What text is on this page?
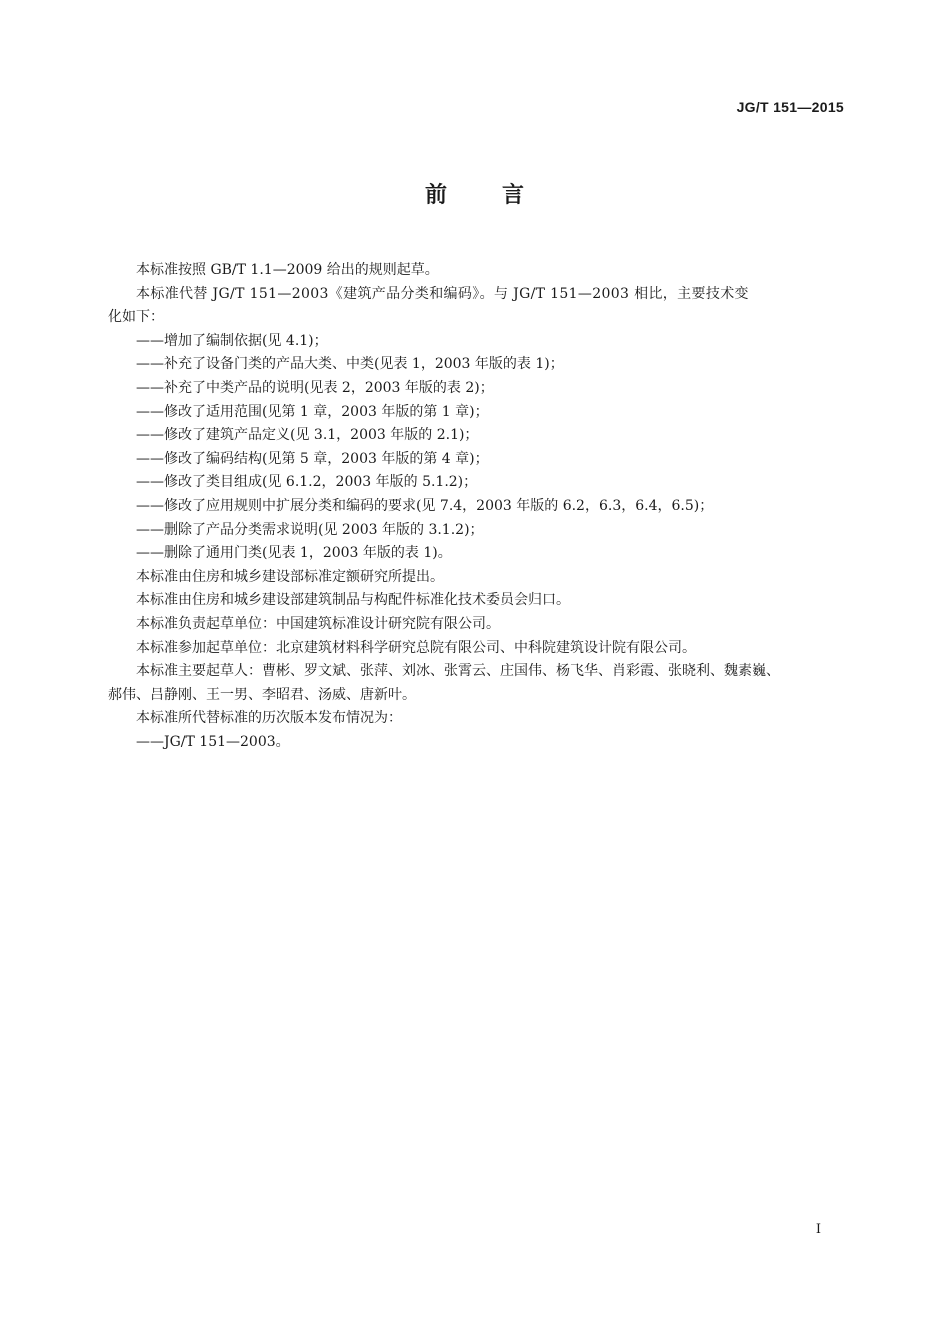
JG/T 151—2015
前 言
本标准按照 GB/T 1.1—2009 给出的规则起草。
本标准代替 JG/T 151—2003《建筑产品分类和编码》。与 JG/T 151—2003 相比，主要技术变
化如下：
——增加了编制依据(见 4.1)；
——补充了设备门类的产品大类、中类(见表 1，2003 年版的表 1)；
——补充了中类产品的说明(见表 2，2003 年版的表 2)；
——修改了适用范围(见第 1 章，2003 年版的第 1 章)；
——修改了建筑产品定义(见 3.1，2003 年版的 2.1)；
——修改了编码结构(见第 5 章，2003 年版的第 4 章)；
——修改了类目组成(见 6.1.2，2003 年版的 5.1.2)；
——修改了应用规则中扩展分类和编码的要求(见 7.4，2003 年版的 6.2，6.3，6.4，6.5)；
——删除了产品分类需求说明(见 2003 年版的 3.1.2)；
——删除了通用门类(见表 1，2003 年版的表 1)。
本标准由住房和城乡建设部标准定额研究所提出。
本标准由住房和城乡建设部建筑制品与构配件标准化技术委员会归口。
本标准负责起草单位：中国建筑标准设计研究院有限公司。
本标准参加起草单位：北京建筑材料科学研究总院有限公司、中科院建筑设计院有限公司。
本标准主要起草人：曹彬、罗文斌、张萍、刘冰、张霄云、庄国伟、杨飞华、肖彩霞、张晓利、魏素巍、
郝伟、吕静刚、王一男、李昭君、汤威、唐新叶。
本标准所代替标准的历次版本发布情况为：
——JG/T 151—2003。
I
